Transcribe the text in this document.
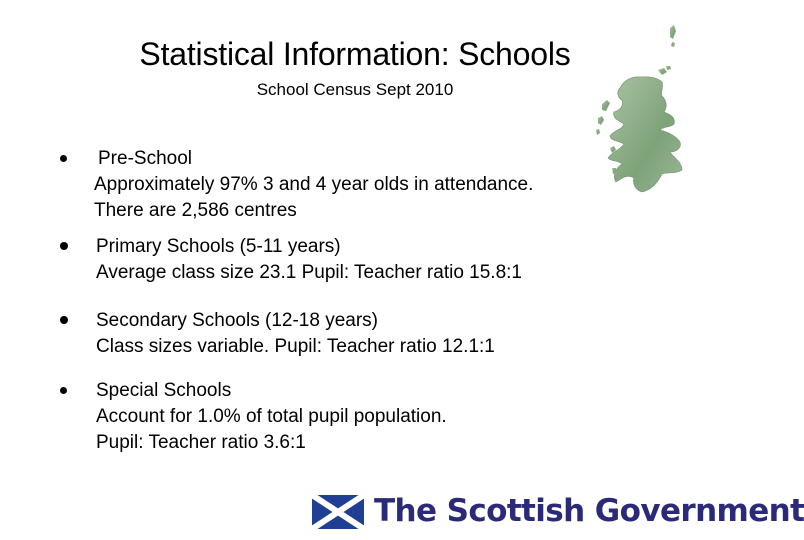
Statistical Information: Schools
School Census Sept 2010
Pre-School
Approximately 97% 3 and 4 year olds in attendance.
There are 2,586 centres
Primary Schools (5-11 years)
Average class size 23.1 Pupil: Teacher ratio 15.8:1
Secondary Schools (12-18 years)
Class sizes variable. Pupil: Teacher ratio 12.1:1
Special Schools
Account for 1.0% of total pupil population.
Pupil: Teacher ratio 3.6:1
The Scottish Government
